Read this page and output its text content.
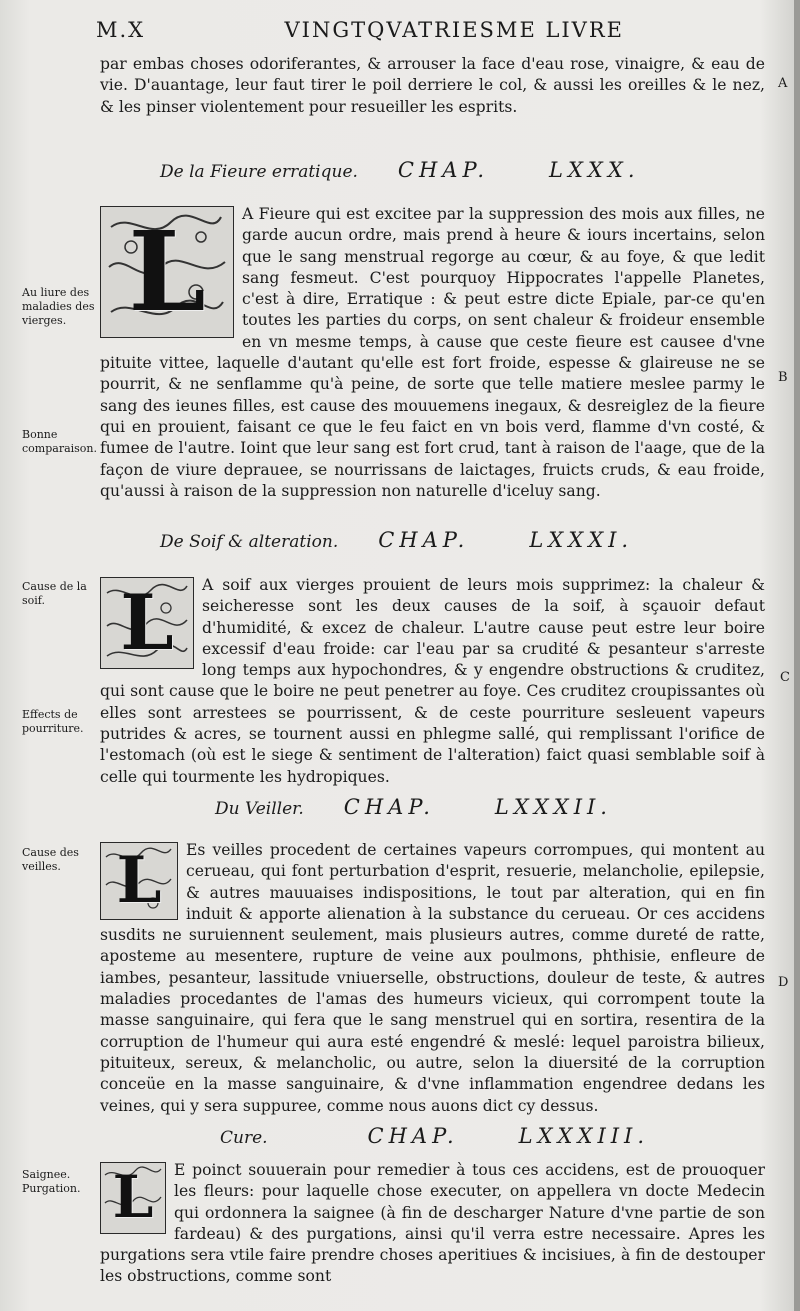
M.X	VINGTQVATRIESME LIVRE
par embas choses odoriferantes, & arrouser la face d'eau rose, vinaigre, & eau de vie. D'auantage, leur faut tirer le poil derriere le col, & aussi les oreilles & le nez, & les pinser violentement pour resueiller les esprits.
A
De la Fieure erratique. CHAP.	LXXX.
L	A Fieure qui est excitee par la suppression des mois aux filles, ne garde aucun ordre, mais prend à heure & iours incertains, selon que le sang menstrual regorge au cœur, & au foye, & que ledit sang fesmeut. C'est pourquoy Hippocrates l'appelle Planetes, c'est à dire, Erratique : & peut estre dicte Epiale, par-ce qu'en toutes les parties du corps, on sent chaleur & froideur ensemble en vn mesme temps, à cause que ceste fieure est causee d'vne pituite vittee, laquelle d'autant qu'elle est fort froide, espesse & glaireuse ne se pourrit, & ne senflamme qu'à peine, de sorte que telle matiere meslee parmy le sang des ieunes filles, est cause des mouuemens inegaux, & desreiglez de la fieure qui en prouient, faisant ce que le feu faict en vn bois verd, flamme d'vn costé, & fumee de l'autre. Ioint que leur sang est fort crud, tant à raison de l'aage, que de la façon de viure deprauee, se nourrissans de laictages, fruicts cruds, & eau froide, qu'aussi à raison de la suppression non naturelle d'iceluy sang.

Au liure des maladies des vierges.
Bonne comparaison.
B
De Soif & alteration. CHAP.	LXXXI.
L	A soif aux vierges prouient de leurs mois supprimez: la chaleur & seicheresse sont les deux causes de la soif, à sçauoir defaut d'humidité, & excez de chaleur. L'autre cause peut estre leur boire excessif d'eau froide: car l'eau par sa crudité & pesanteur s'arreste long temps aux hypochondres, & y engendre obstructions & cruditez, qui sont cause que le boire ne peut penetrer au foye. Ces cruditez croupissantes où elles sont arrestees se pourrissent, & de ceste pourriture sesleuent vapeurs putrides & acres, se tournent aussi en phlegme sallé, qui remplissant l'orifice de l'estomach (où est le siege & sentiment de l'alteration) faict quasi semblable soif à celle qui tourmente les hydropiques.

Cause de la soif.
Effects de pourriture.
C
Du Veiller. CHAP.	LXXXII.
L	Es veilles procedent de certaines vapeurs corrompues, qui montent au cerueau, qui font perturbation d'esprit, resuerie, melancholie, epilepsie, & autres mauuaises indispositions, le tout par alteration, qui en fin induit & apporte alienation à la substance du cerueau. Or ces accidens susdits ne suruiennent seulement, mais plusieurs autres, comme dureté de ratte, aposteme au mesentere, rupture de veine aux poulmons, phthisie, enfleure de iambes, pesanteur, lassitude vniuerselle, obstructions, douleur de teste, & autres maladies procedantes de l'amas des humeurs vicieux, qui corrompent toute la masse sanguinaire, qui fera que le sang menstruel qui en sortira, resentira de la corruption de l'humeur qui aura esté engendré & meslé: lequel paroistra bilieux, pituiteux, sereux, & melancholic, ou autre, selon la diuersité de la corruption conceüe en la masse sanguinaire, & d'vne inflammation engendree dedans les veines, qui y sera suppuree, comme nous auons dict cy dessus.

Cause des veilles.
D
Cure.	CHAP.	LXXXIII.
L	E poinct souuerain pour remedier à tous ces accidens, est de prouoquer les fleurs: pour laquelle chose executer, on appellera vn docte Medecin qui ordonnera la saignee (à fin de descharger Nature d'vne partie de son fardeau) & des purgations, ainsi qu'il verra estre necessaire. Apres les purgations sera vtile faire prendre choses aperitiues & incisiues, à fin de destouper les obstructions, comme sont

Saignee. Purgation.
